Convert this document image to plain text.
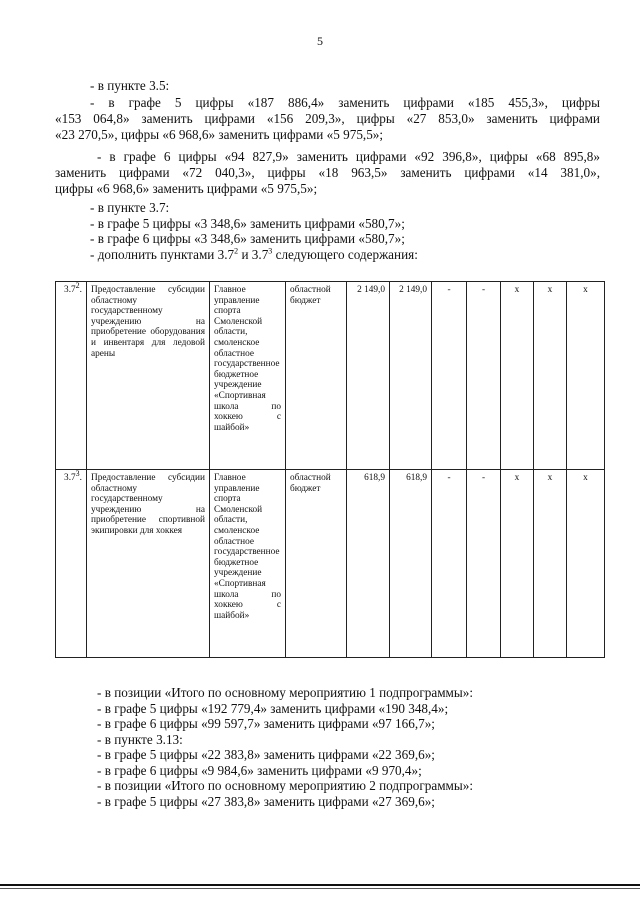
5
- в пункте 3.5:
- в графе 5 цифры «187 886,4» заменить цифрами «185 455,3», цифры
«153 064,8» заменить цифрами «156 209,3», цифры «27 853,0» заменить цифрами
«23 270,5», цифры «6 968,6» заменить цифрами «5 975,5»;
- в графе 6 цифры «94 827,9» заменить цифрами «92 396,8», цифры «68 895,8»
заменить цифрами «72 040,3», цифры «18 963,5» заменить цифрами «14 381,0»,
цифры «6 968,6» заменить цифрами «5 975,5»;
- в пункте 3.7:
- в графе 5 цифры «3 348,6» заменить цифрами «580,7»;
- в графе 6 цифры «3 348,6» заменить цифрами «580,7»;
- дополнить пунктами $3.7^2$ и $3.7^3$ следующего содержания:
$3.7^2$.	Предоставление субсидии областному государственному учреждению на приобретение оборудования и инвентаря для ледовой арены	Главное управление спорта Смоленской области, смоленское областное государственное бюджетное учреждение «Спортивная школа по хоккею с шайбой»	областной бюджет	2 149,0	2 149,0	-	-	x	x	x
$3.7^3$.	Предоставление субсидии областному государственному учреждению на приобретение спортивной экипировки для хоккея	Главное управление спорта Смоленской области, смоленское областное государственное бюджетное учреждение «Спортивная школа по хоккею с шайбой»	областной бюджет	618,9	618,9	-	-	x	x	x
- в позиции «Итого по основному мероприятию 1 подпрограммы»:
- в графе 5 цифры «192 779,4» заменить цифрами «190 348,4»;
- в графе 6 цифры «99 597,7» заменить цифрами «97 166,7»;
- в пункте 3.13:
- в графе 5 цифры «22 383,8» заменить цифрами «22 369,6»;
- в графе 6 цифры «9 984,6» заменить цифрами «9 970,4»;
- в позиции «Итого по основному мероприятию 2 подпрограммы»:
- в графе 5 цифры «27 383,8» заменить цифрами «27 369,6»;
